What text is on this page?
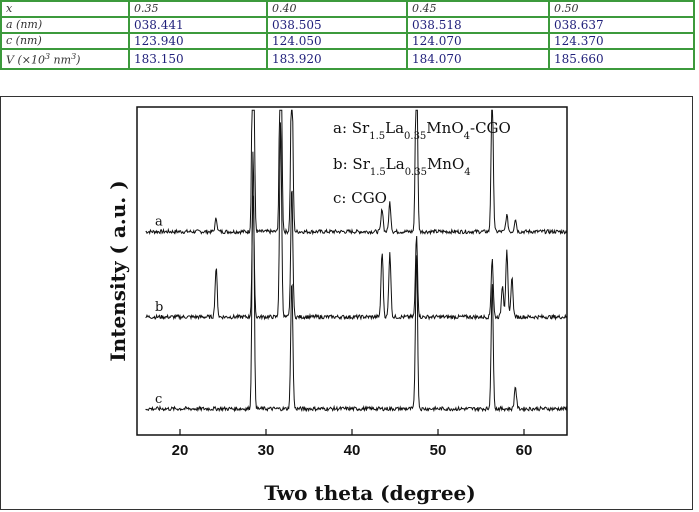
x	0.35	0.40	0.45	0.50
a (nm)	038.441	038.505	038.518	038.637
c (nm)	123.940	124.050	124.070	124.370
V ($\times 10^3$ $nm^3$)	183.150	183.920	184.070	185.660
20	30	40	50	60
a
b
c
a: $Sr_{1.5}La_{0.35}MnO_4$-CGO
b: $Sr_{1.5}La_{0.35}MnO_4$
c: CGO
Intensity ( a.u. )
Two theta (degree)
